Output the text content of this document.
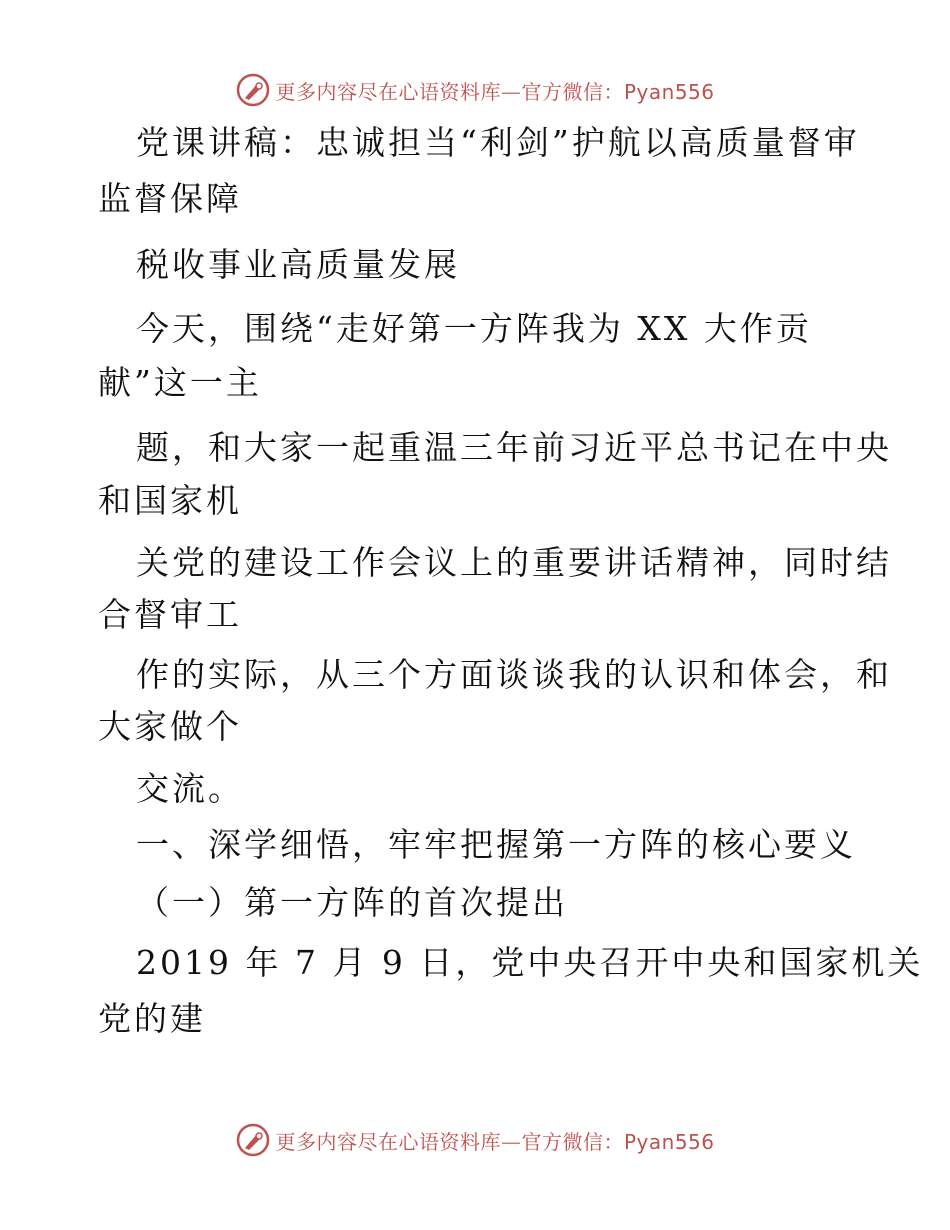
更多内容尽在心语资料库—官方微信：Pyan556
党课讲稿：忠诚担当“利剑”护航以高质量督审
监督保障
税收事业高质量发展
今天，围绕“走好第一方阵我为 XX 大作贡
献”这一主
题，和大家一起重温三年前习近平总书记在中央
和国家机
关党的建设工作会议上的重要讲话精神，同时结
合督审工
作的实际，从三个方面谈谈我的认识和体会，和
大家做个
交流。
一、深学细悟，牢牢把握第一方阵的核心要义
（一）第一方阵的首次提出
2019 年 7 月 9 日，党中央召开中央和国家机关
党的建
更多内容尽在心语资料库—官方微信：Pyan556
